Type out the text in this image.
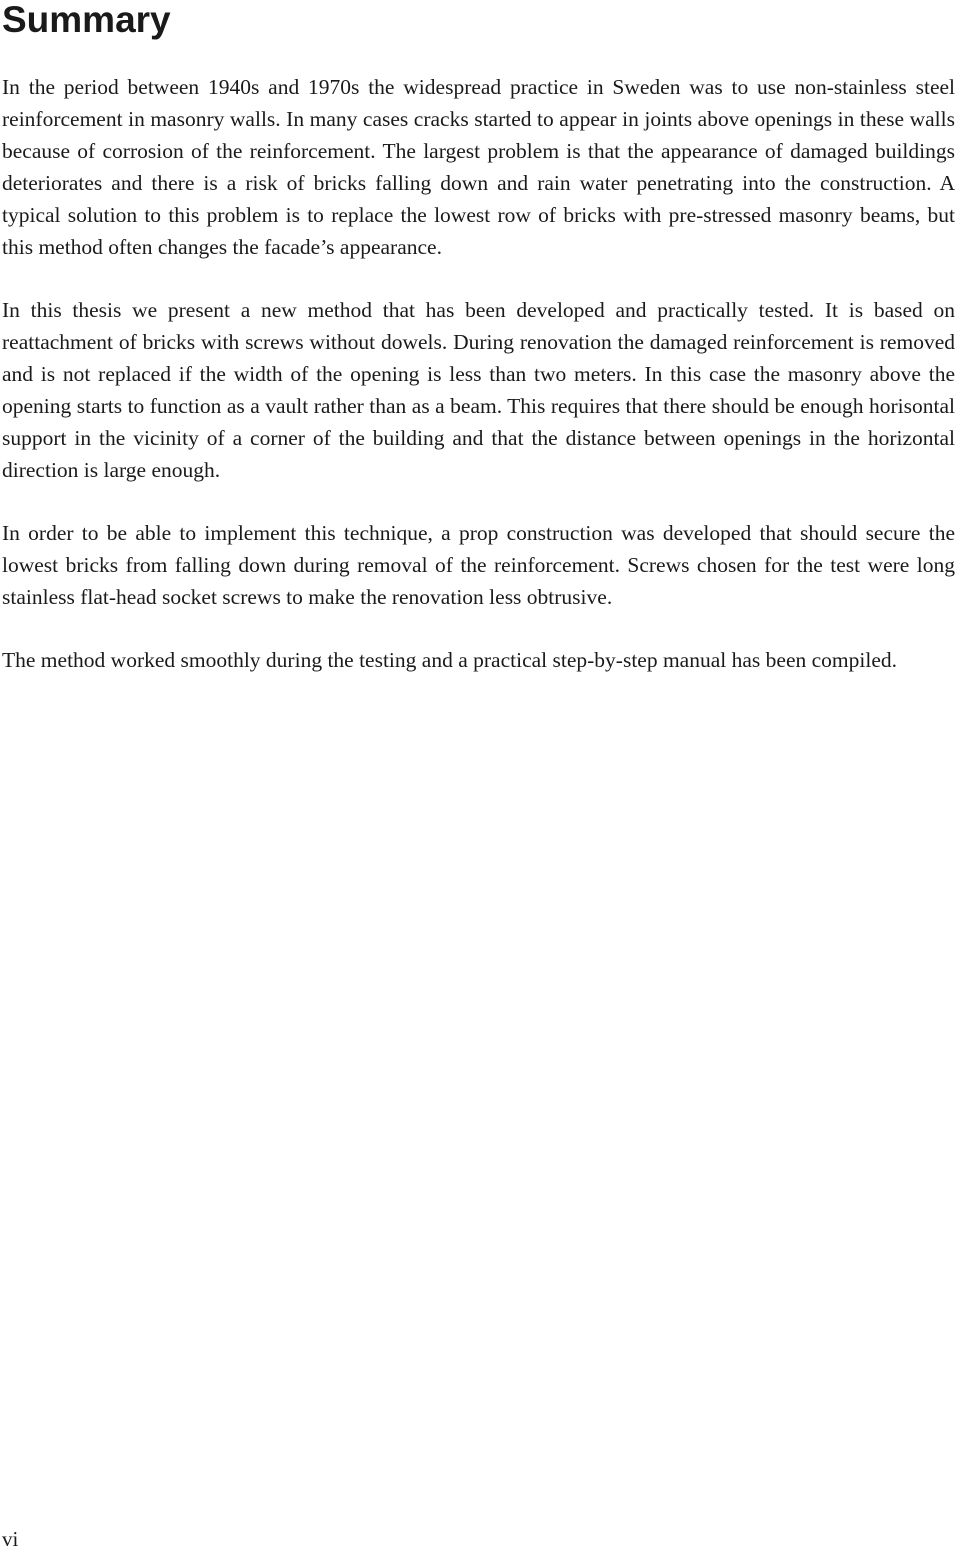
Summary

In the period between 1940s and 1970s the widespread practice in Sweden was to use non-stainless steel reinforcement in masonry walls. In many cases cracks started to appear in joints above openings in these walls because of corrosion of the reinforcement. The largest problem is that the appearance of damaged buildings deteriorates and there is a risk of bricks falling down and rain water penetrating into the construction. A typical solution to this problem is to replace the lowest row of bricks with pre-stressed masonry beams, but this method often changes the facade’s appearance.

In this thesis we present a new method that has been developed and practically tested. It is based on reattachment of bricks with screws without dowels. During renovation the damaged reinforcement is removed and is not replaced if the width of the opening is less than two meters. In this case the masonry above the opening starts to function as a vault rather than as a beam. This requires that there should be enough horisontal support in the vicinity of a corner of the building and that the distance between openings in the horizontal direction is large enough.

In order to be able to implement this technique, a prop construction was developed that should secure the lowest bricks from falling down during removal of the reinforcement. Screws chosen for the test were long stainless flat-head socket screws to make the renovation less obtrusive.

The method worked smoothly during the testing and a practical step-by-step manual has been compiled.

vi
